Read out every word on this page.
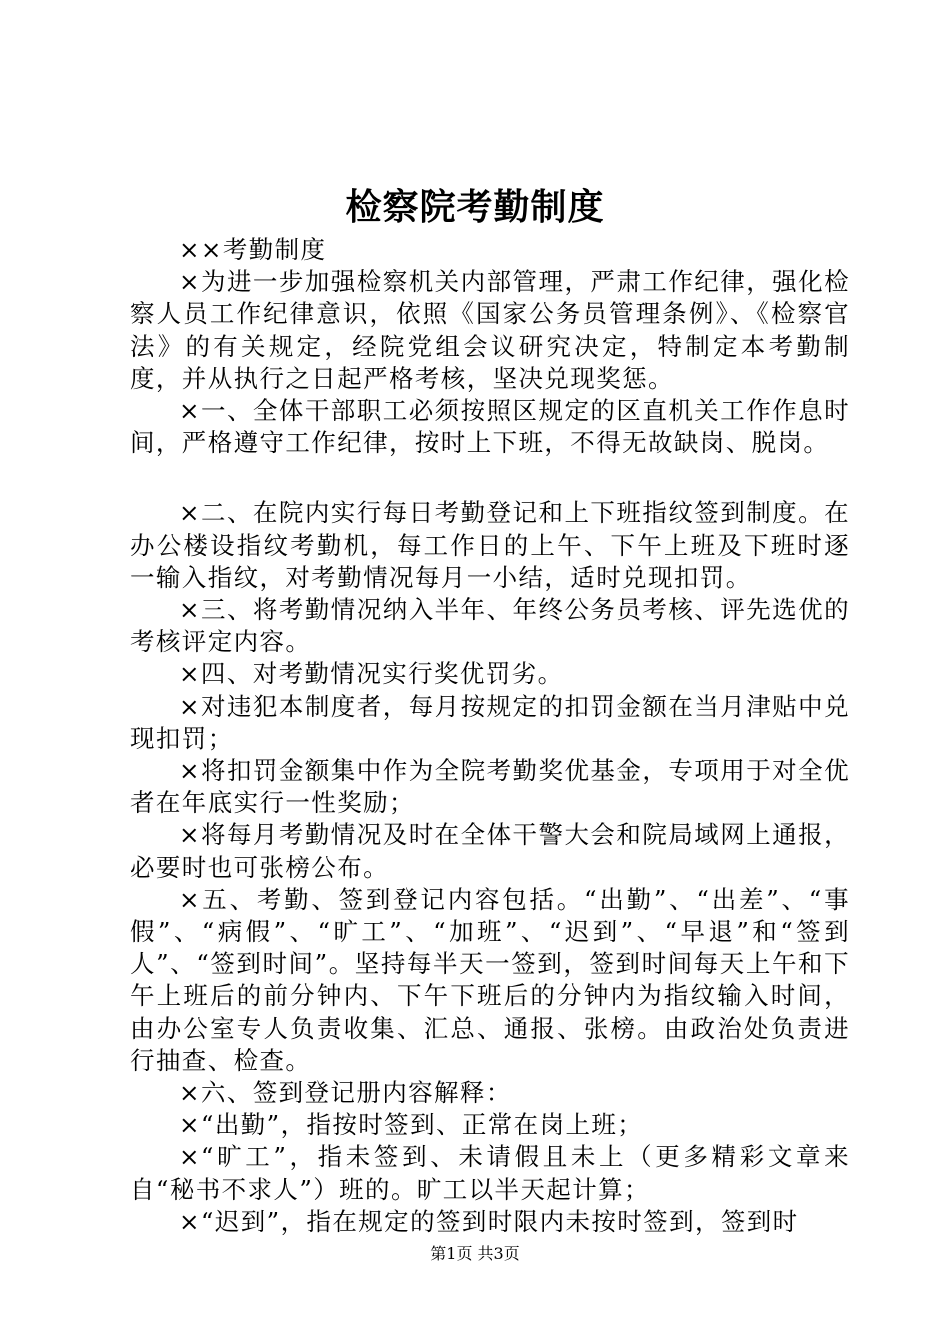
检察院考勤制度

××考勤制度

×为进一步加强检察机关内部管理，严肃工作纪律，强化检察人员工作纪律意识，依照《国家公务员管理条例》、《检察官法》的有关规定，经院党组会议研究决定，特制定本考勤制度，并从执行之日起严格考核，坚决兑现奖惩。

×一、全体干部职工必须按照区规定的区直机关工作作息时间，严格遵守工作纪律，按时上下班，不得无故缺岗、脱岗。

×二、在院内实行每日考勤登记和上下班指纹签到制度。在办公楼设指纹考勤机，每工作日的上午、下午上班及下班时逐一输入指纹，对考勤情况每月一小结，适时兑现扣罚。

×三、将考勤情况纳入半年、年终公务员考核、评先选优的考核评定内容。

×四、对考勤情况实行奖优罚劣。

×对违犯本制度者，每月按规定的扣罚金额在当月津贴中兑现扣罚；

×将扣罚金额集中作为全院考勤奖优基金，专项用于对全优者在年底实行一性奖励；

×将每月考勤情况及时在全体干警大会和院局域网上通报，必要时也可张榜公布。

×五、考勤、签到登记内容包括。“出勤”、“出差”、“事假”、“病假”、“旷工”、“加班”、“迟到”、“早退”和“签到人”、“签到时间”。坚持每半天一签到，签到时间每天上午和下午上班后的前分钟内、下午下班后的分钟内为指纹输入时间，由办公室专人负责收集、汇总、通报、张榜。由政治处负责进行抽查、检查。

×六、签到登记册内容解释：

×“出勤”，指按时签到、正常在岗上班；

×“旷工”，指未签到、未请假且未上（更多精彩文章来自“秘书不求人”）班的。旷工以半天起计算；

×“迟到”，指在规定的签到时限内未按时签到，签到时

第1页 共3页
